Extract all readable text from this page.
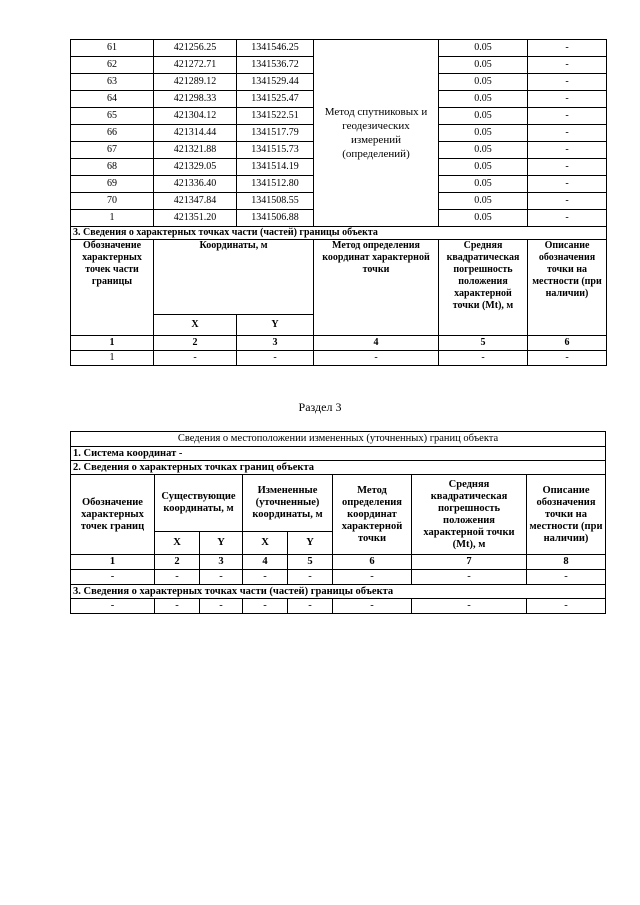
61	421256.25	1341546.25	Метод спутниковых и геодезических измерений (определений)	0.05	-
62	421272.71	1341536.72		0.05	-
63	421289.12	1341529.44		0.05	-
64	421298.33	1341525.47		0.05	-
65	421304.12	1341522.51		0.05	-
66	421314.44	1341517.79		0.05	-
67	421321.88	1341515.73		0.05	-
68	421329.05	1341514.19		0.05	-
69	421336.40	1341512.80		0.05	-
70	421347.84	1341508.55		0.05	-
1	421351.20	1341506.88		0.05	-
3. Сведения о характерных точках части (частей) границы объекта					
Обозначение характерных точек части границы	Координаты, м		Метод определения координат характерной точки	Средняя квадратическая погрешность положения характерной точки (Mt), м	Описание обозначения точки на местности (при наличии)
	X	Y			
1	2	3	4	5	6
1	-	-	-	-	-
Раздел 3
Сведения о местоположении измененных (уточненных) границ объекта							
1. Система координат -							
2. Сведения о характерных точках границ объекта							
Обозначение характерных точек границ	Существующие координаты, м		Измененные (уточненные) координаты, м		Метод определения координат характерной точки	Средняя квадратическая погрешность положения характерной точки (Mt), м	Описание обозначения точки на местности (при наличии)
	X	Y	X	Y			
1	2	3	4	5	6	7	8
-	-	-	-	-	-	-	-
3. Сведения о характерных точках части (частей) границы объекта							
-	-	-	-	-	-	-	-
